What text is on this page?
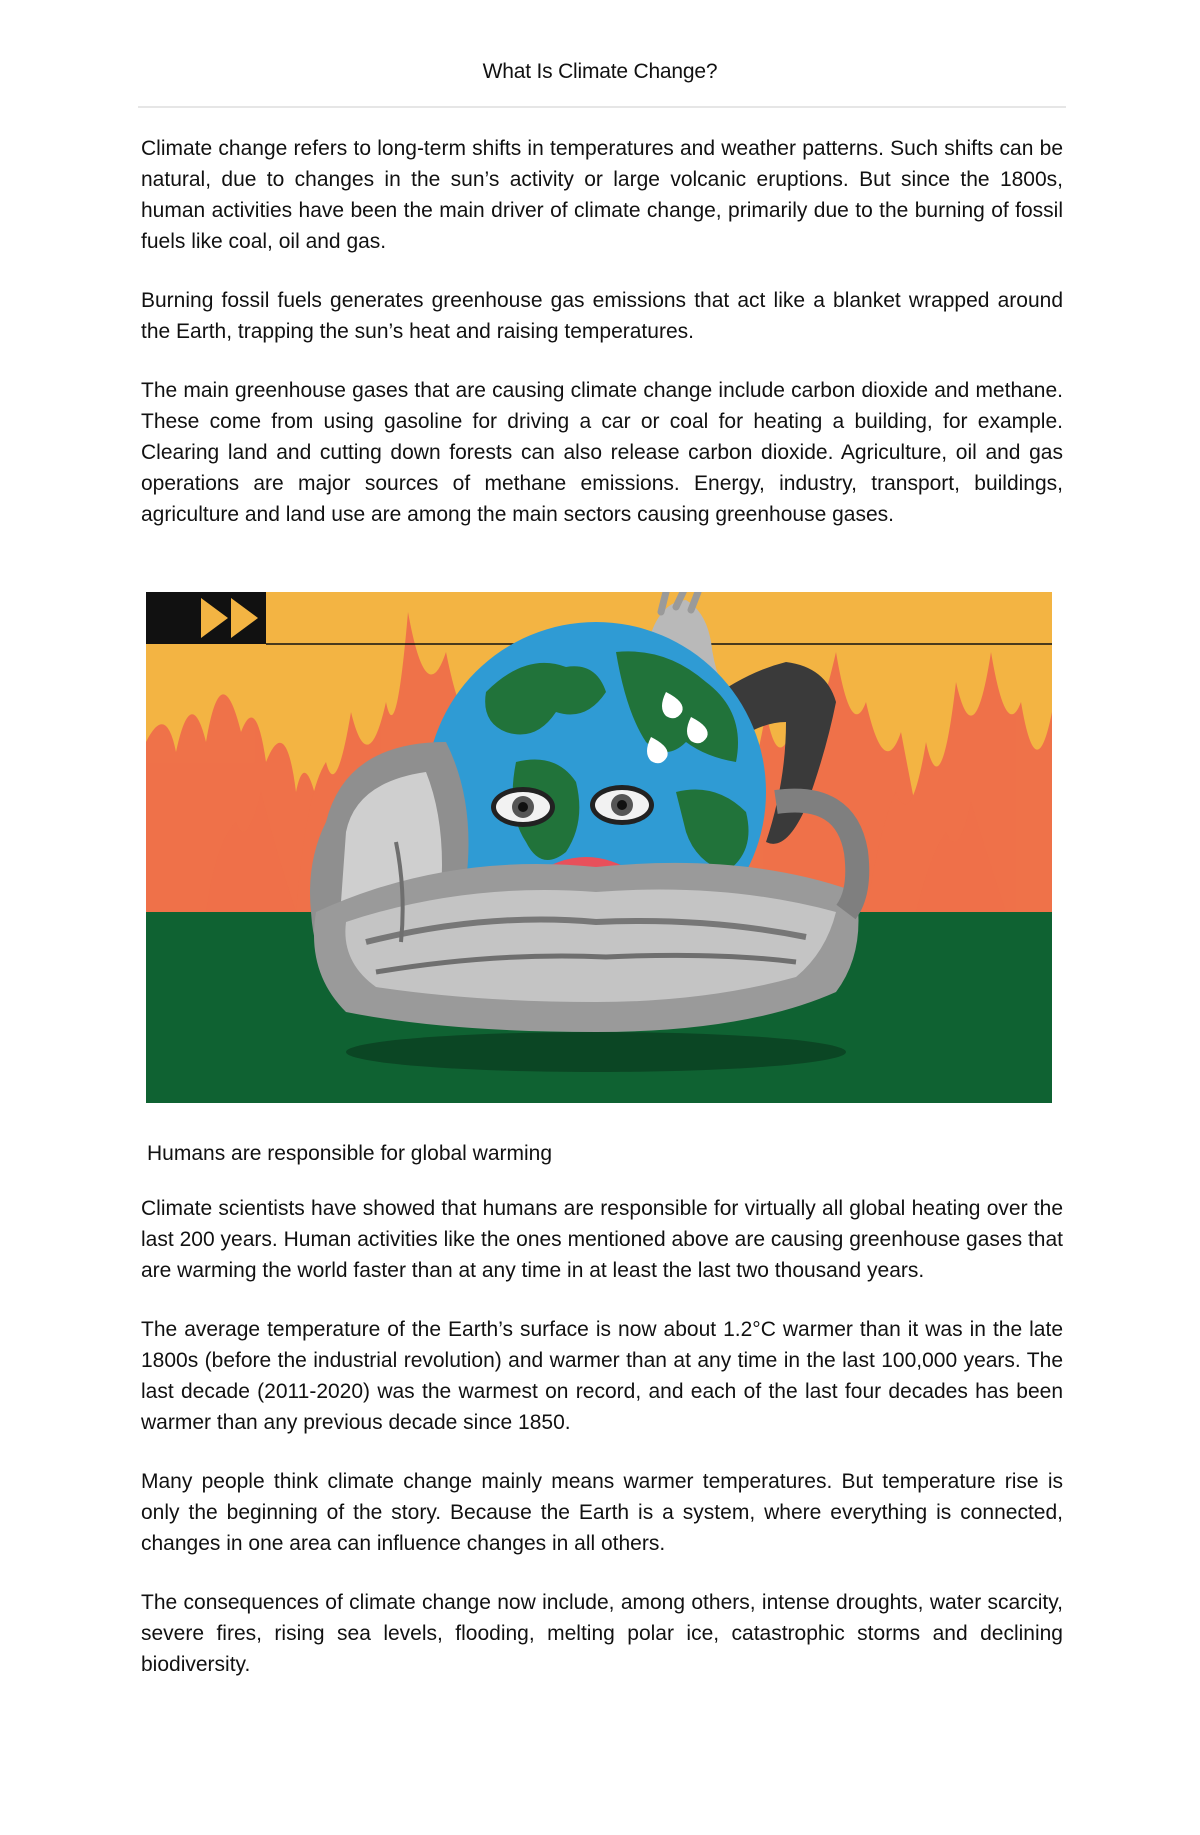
What Is Climate Change?

Climate change refers to long-term shifts in temperatures and weather patterns. Such shifts can be natural, due to changes in the sun’s activity or large volcanic eruptions. But since the 1800s, human activities have been the main driver of climate change, primarily due to the burning of fossil fuels like coal, oil and gas.

Burning fossil fuels generates greenhouse gas emissions that act like a blanket wrapped around the Earth, trapping the sun’s heat and raising temperatures.

The main greenhouse gases that are causing climate change include carbon dioxide and methane. These come from using gasoline for driving a car or coal for heating a building, for example. Clearing land and cutting down forests can also release carbon dioxide. Agriculture, oil and gas operations are major sources of methane emissions. Energy, industry, transport, buildings, agriculture and land use are among the main sectors causing greenhouse gases.

Humans are responsible for global warming

Climate scientists have showed that humans are responsible for virtually all global heating over the last 200 years. Human activities like the ones mentioned above are causing greenhouse gases that are warming the world faster than at any time in at least the last two thousand years.

The average temperature of the Earth’s surface is now about 1.2°C warmer than it was in the late 1800s (before the industrial revolution) and warmer than at any time in the last 100,000 years. The last decade (2011-2020) was the warmest on record, and each of the last four decades has been warmer than any previous decade since 1850.

Many people think climate change mainly means warmer temperatures. But temperature rise is only the beginning of the story. Because the Earth is a system, where everything is connected, changes in one area can influence changes in all others.

The consequences of climate change now include, among others, intense droughts, water scarcity, severe fires, rising sea levels, flooding, melting polar ice, catastrophic storms and declining biodiversity.
